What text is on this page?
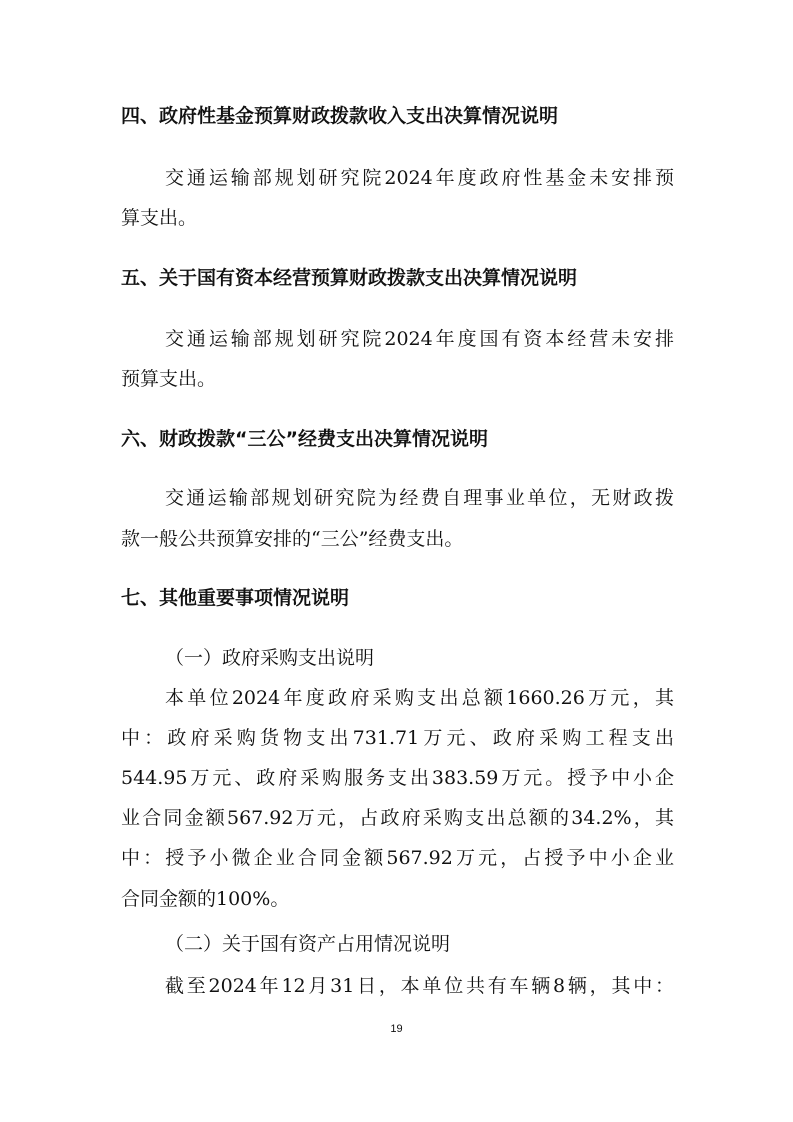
四、政府性基金预算财政拨款收入支出决算情况说明
交通运输部规划研究院2024年度政府性基金未安排预
算支出。
五、关于国有资本经营预算财政拨款支出决算情况说明
交通运输部规划研究院2024年度国有资本经营未安排
预算支出。
六、财政拨款“三公”经费支出决算情况说明
交通运输部规划研究院为经费自理事业单位，无财政拨
款一般公共预算安排的“三公”经费支出。
七、其他重要事项情况说明
（一）政府采购支出说明
本单位2024年度政府采购支出总额1660.26万元，其
中：政府采购货物支出731.71万元、政府采购工程支出
544.95万元、政府采购服务支出383.59万元。授予中小企
业合同金额567.92万元，占政府采购支出总额的34.2%，其
中：授予小微企业合同金额567.92万元，占授予中小企业
合同金额的100%。
（二）关于国有资产占用情况说明
截至2024年12月31日，本单位共有车辆8辆，其中：
19
